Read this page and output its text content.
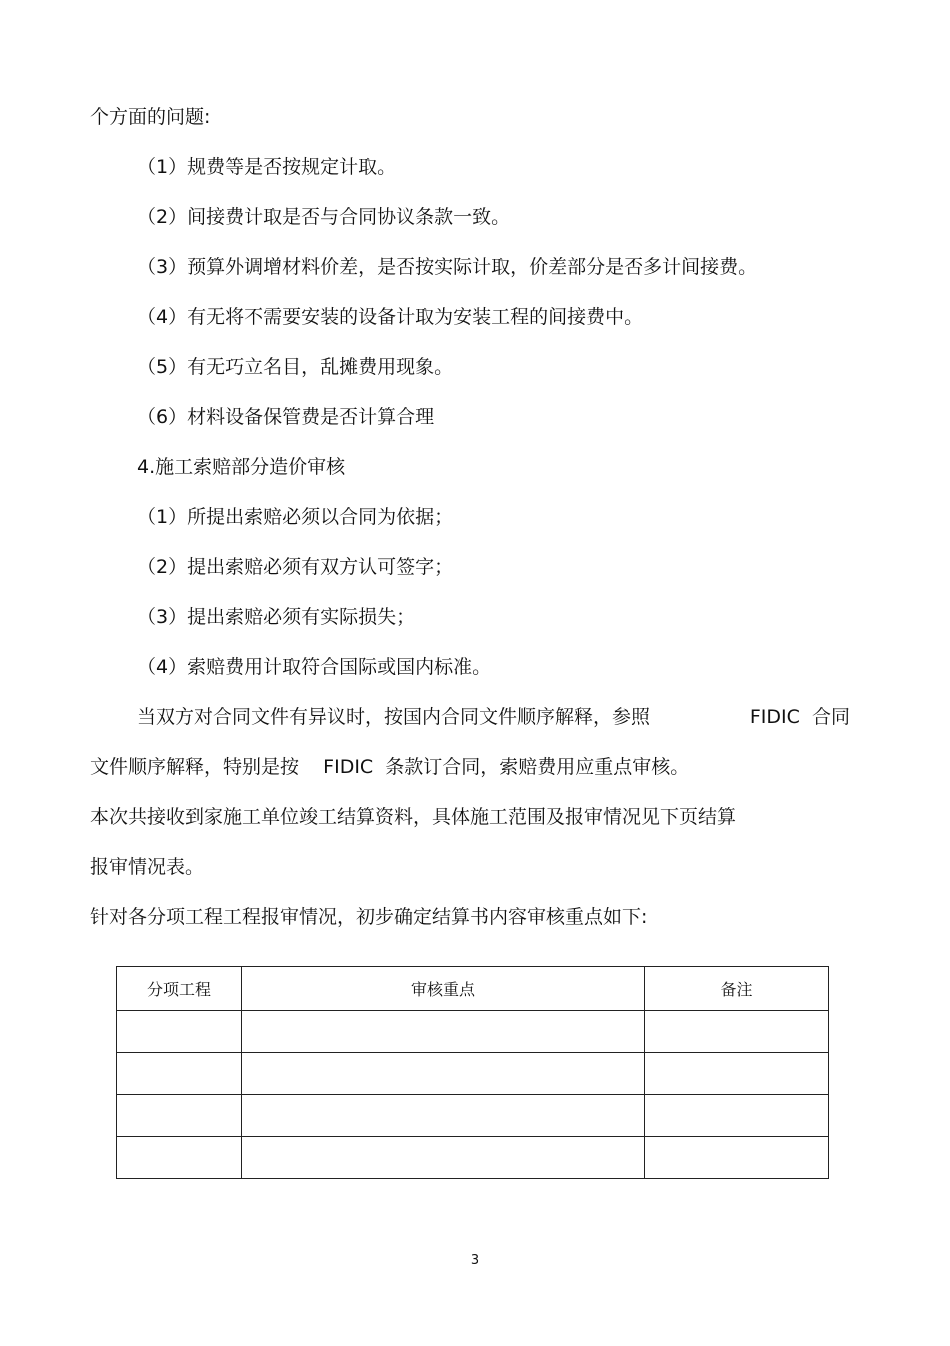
个方面的问题:

（1）规费等是否按规定计取。

（2）间接费计取是否与合同协议条款一致。

（3）预算外调增材料价差，是否按实际计取，价差部分是否多计间接费。

（4）有无将不需要安装的设备计取为安装工程的间接费中。

（5）有无巧立名目，乱摊费用现象。

（6）材料设备保管费是否计算合理

4.施工索赔部分造价审核

（1）所提出索赔必须以合同为依据；

（2）提出索赔必须有双方认可签字；

（3）提出索赔必须有实际损失；

（4）索赔费用计取符合国际或国内标准。

当双方对合同文件有异议时，按国内合同文件顺序解释，参照	FIDIC  合同

文件顺序解释，特别是按    FIDIC  条款订合同，索赔费用应重点审核。

本次共接收到家施工单位竣工结算资料，具体施工范围及报审情况见下页结算

报审情况表。

针对各分项工程工程报审情况，初步确定结算书内容审核重点如下:

分项工程	审核重点	备注

3
